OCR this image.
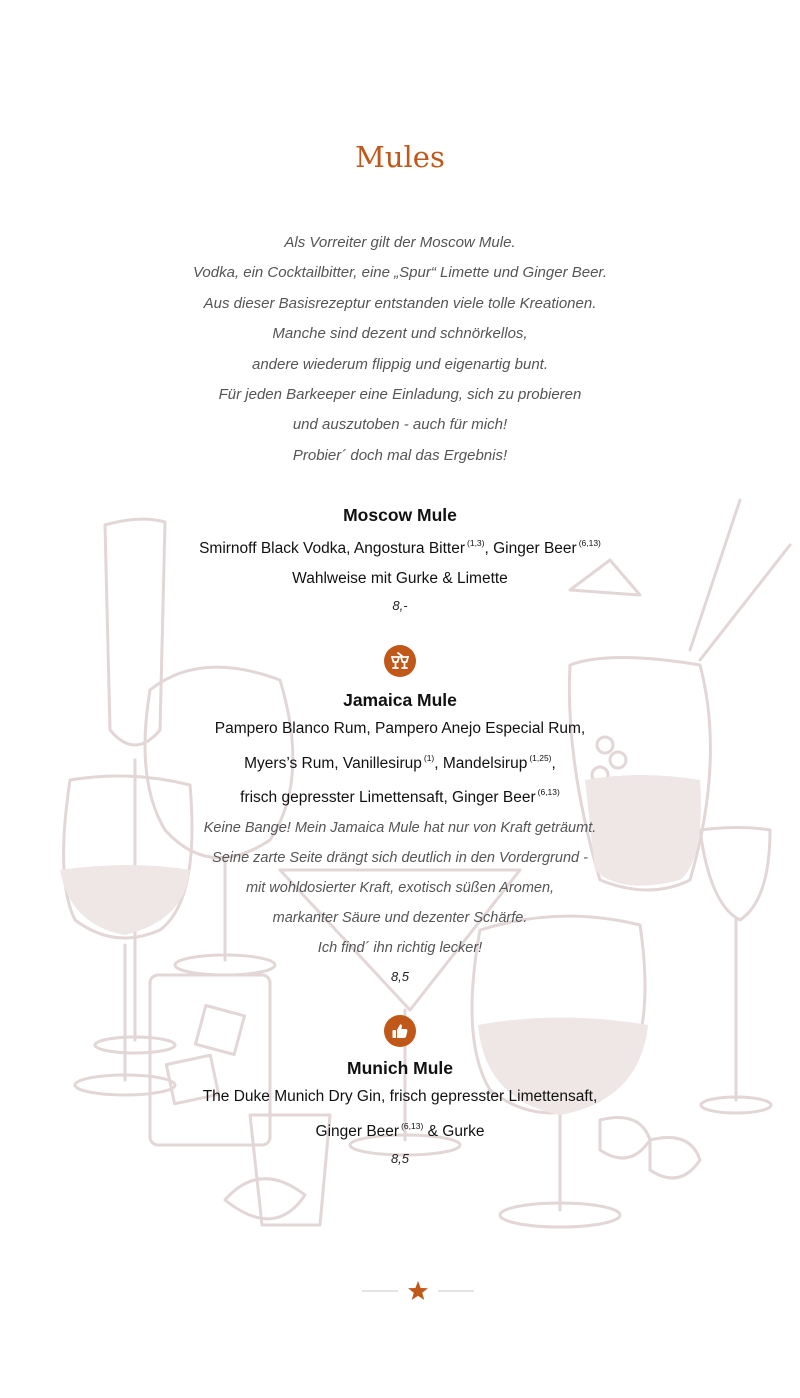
Mules
Als Vorreiter gilt der Moscow Mule.
Vodka, ein Cocktailbitter, eine „Spur“ Limette und Ginger Beer.
Aus dieser Basisrezeptur entstanden viele tolle Kreationen.
Manche sind dezent und schnörkellos,
andere wiederum flippig und eigenartig bunt.
Für jeden Barkeeper eine Einladung, sich zu probieren
und auszutoben - auch für mich!
Probier´ doch mal das Ergebnis!
Moscow Mule
Smirnoff Black Vodka, Angostura Bitter $^{(1,3)}$, Ginger Beer $^{(6,13)}$
Wahlweise mit Gurke & Limette
8,-
Jamaica Mule
Pampero Blanco Rum, Pampero Anejo Especial Rum,
Myers’s Rum, Vanillesirup $^{(1)}$, Mandelsirup $^{(1,25)}$,
frisch gepresster Limettensaft, Ginger Beer $^{(6,13)}$
Keine Bange! Mein Jamaica Mule hat nur von Kraft geträumt.
Seine zarte Seite drängt sich deutlich in den Vordergrund -
mit wohldosierter Kraft, exotisch süßen Aromen,
markanter Säure und dezenter Schärfe.
Ich find´ ihn richtig lecker!
8,5
Munich Mule
The Duke Munich Dry Gin, frisch gepresster Limettensaft,
Ginger Beer $^{(6,13)}$ & Gurke
8,5
